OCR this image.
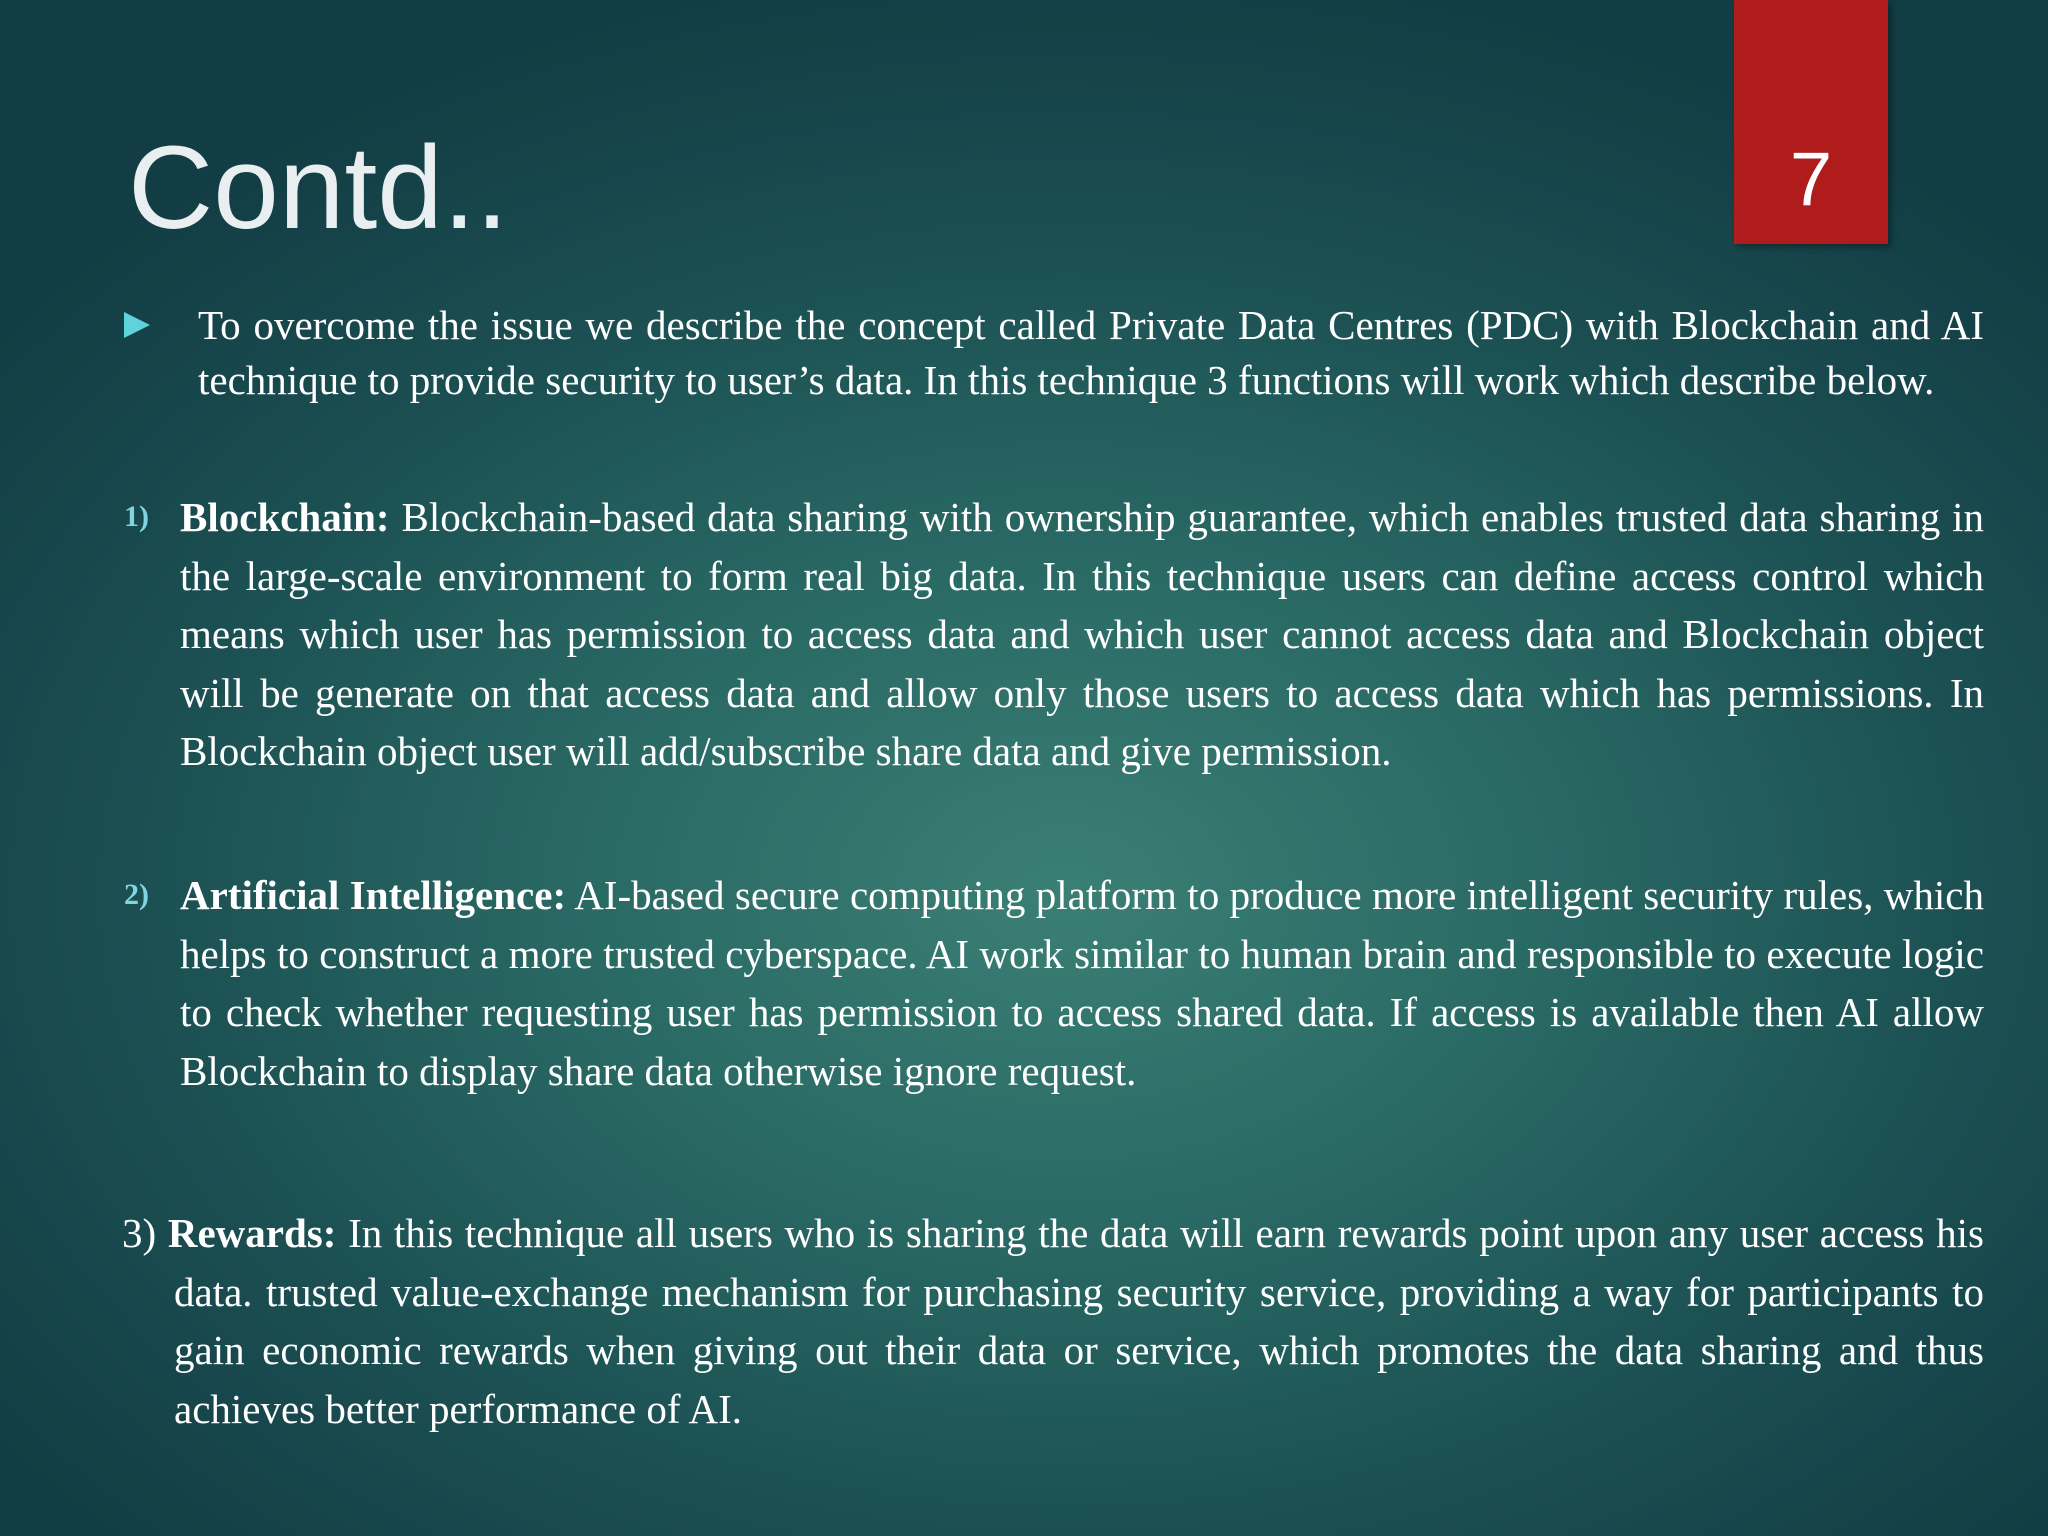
Contd..	7
To overcome the issue we describe the concept called Private Data Centres (PDC) with Blockchain and AI technique to provide security to user’s data. In this technique 3 functions will work which describe below.
1) Blockchain: Blockchain-based data sharing with ownership guarantee, which enables trusted data sharing in the large-scale environment to form real big data. In this technique users can define access control which means which user has permission to access data and which user cannot access data and Blockchain object will be generate on that access data and allow only those users to access data which has permissions. In Blockchain object user will add/subscribe share data and give permission.
2) Artificial Intelligence: AI-based secure computing platform to produce more intelligent security rules, which helps to construct a more trusted cyberspace. AI work similar to human brain and responsible to execute logic to check whether requesting user has permission to access shared data. If access is available then AI allow Blockchain to display share data otherwise ignore request.
3) Rewards: In this technique all users who is sharing the data will earn rewards point upon any user access his data. trusted value-exchange mechanism for purchasing security service, providing a way for participants to gain economic rewards when giving out their data or service, which promotes the data sharing and thus achieves better performance of AI.
